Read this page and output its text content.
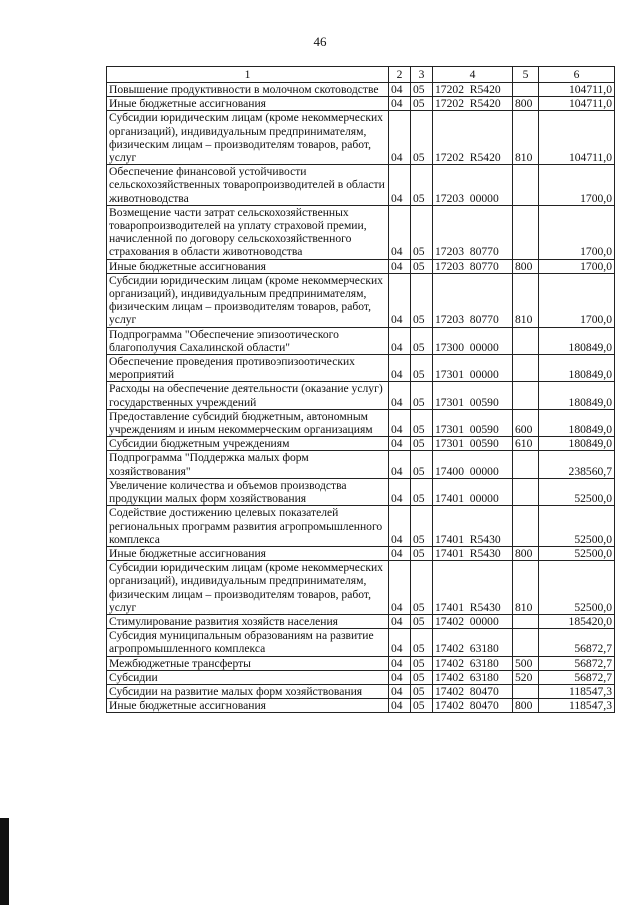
46
1	2	3	4	5	6
Повышение продуктивности в молочном скотоводстве	04	05	17202  R5420		104711,0
Иные бюджетные ассигнования	04	05	17202  R5420	800	104711,0
Субсидии юридическим лицам (кроме некоммерческих организаций), индивидуальным предпринимателям, физическим лицам – производителям товаров, работ, услуг	04	05	17202  R5420	810	104711,0
Обеспечение финансовой устойчивости сельскохозяйственных товаропроизводителей в области животноводства	04	05	17203  00000		1700,0
Возмещение части затрат сельскохозяйственных товаропроизводителей на уплату страховой премии, начисленной по договору сельскохозяйственного страхования в области животноводства	04	05	17203  80770		1700,0
Иные бюджетные ассигнования	04	05	17203  80770	800	1700,0
Субсидии юридическим лицам (кроме некоммерческих организаций), индивидуальным предпринимателям, физическим лицам – производителям товаров, работ, услуг	04	05	17203  80770	810	1700,0
Подпрограмма "Обеспечение эпизоотического благополучия Сахалинской области"	04	05	17300  00000		180849,0
Обеспечение проведения противоэпизоотических мероприятий	04	05	17301  00000		180849,0
Расходы на обеспечение деятельности (оказание услуг) государственных учреждений	04	05	17301  00590		180849,0
Предоставление субсидий бюджетным, автономным учреждениям и иным некоммерческим организациям	04	05	17301  00590	600	180849,0
Субсидии бюджетным учреждениям	04	05	17301  00590	610	180849,0
Подпрограмма "Поддержка малых форм хозяйствования"	04	05	17400  00000		238560,7
Увеличение количества и объемов производства продукции малых форм хозяйствования	04	05	17401  00000		52500,0
Содействие достижению целевых показателей региональных программ развития агропромышленного комплекса	04	05	17401  R5430		52500,0
Иные бюджетные ассигнования	04	05	17401  R5430	800	52500,0
Субсидии юридическим лицам (кроме некоммерческих организаций), индивидуальным предпринимателям, физическим лицам – производителям товаров, работ, услуг	04	05	17401  R5430	810	52500,0
Стимулирование развития хозяйств населения	04	05	17402  00000		185420,0
Субсидия муниципальным образованиям на развитие агропромышленного комплекса	04	05	17402  63180		56872,7
Межбюджетные трансферты	04	05	17402  63180	500	56872,7
Субсидии	04	05	17402  63180	520	56872,7
Субсидии на развитие малых форм хозяйствования	04	05	17402  80470		118547,3
Иные бюджетные ассигнования	04	05	17402  80470	800	118547,3
